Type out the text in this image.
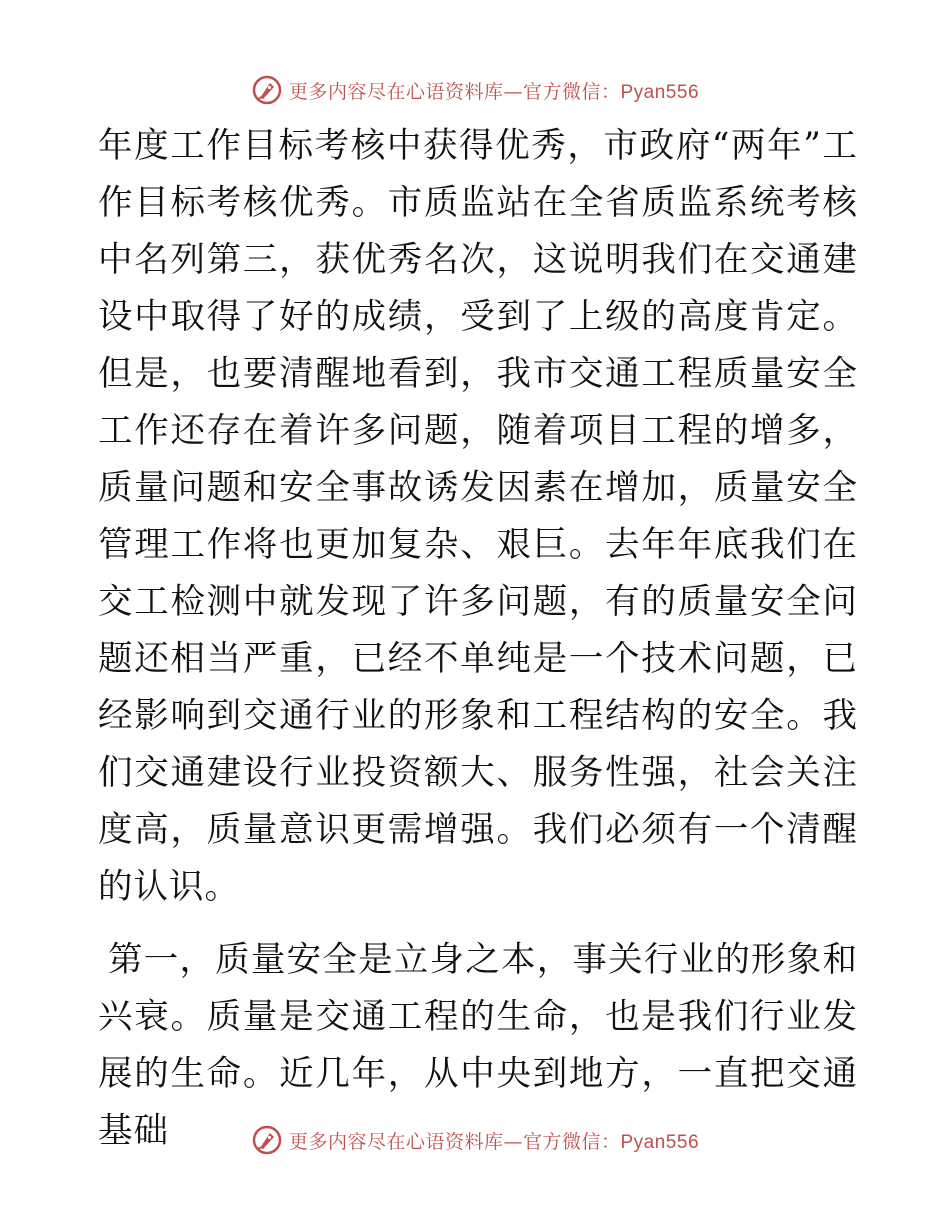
更多内容尽在心语资料库—官方微信：Pyan556

年度工作目标考核中获得优秀，市政府“两年”工作目标考核优秀。市质监站在全省质监系统考核中名列第三，获优秀名次，这说明我们在交通建设中取得了好的成绩，受到了上级的高度肯定。但是，也要清醒地看到，我市交通工程质量安全工作还存在着许多问题，随着项目工程的增多，质量问题和安全事故诱发因素在增加，质量安全管理工作将也更加复杂、艰巨。去年年底我们在交工检测中就发现了许多问题，有的质量安全问题还相当严重，已经不单纯是一个技术问题，已经影响到交通行业的形象和工程结构的安全。我们交通建设行业投资额大、服务性强，社会关注度高，质量意识更需增强。我们必须有一个清醒的认识。

第一，质量安全是立身之本，事关行业的形象和兴衰。质量是交通工程的生命，也是我们行业发展的生命。近几年，从中央到地方，一直把交通基础	更多内容尽在心语资料库—官方微信：Pyan556
